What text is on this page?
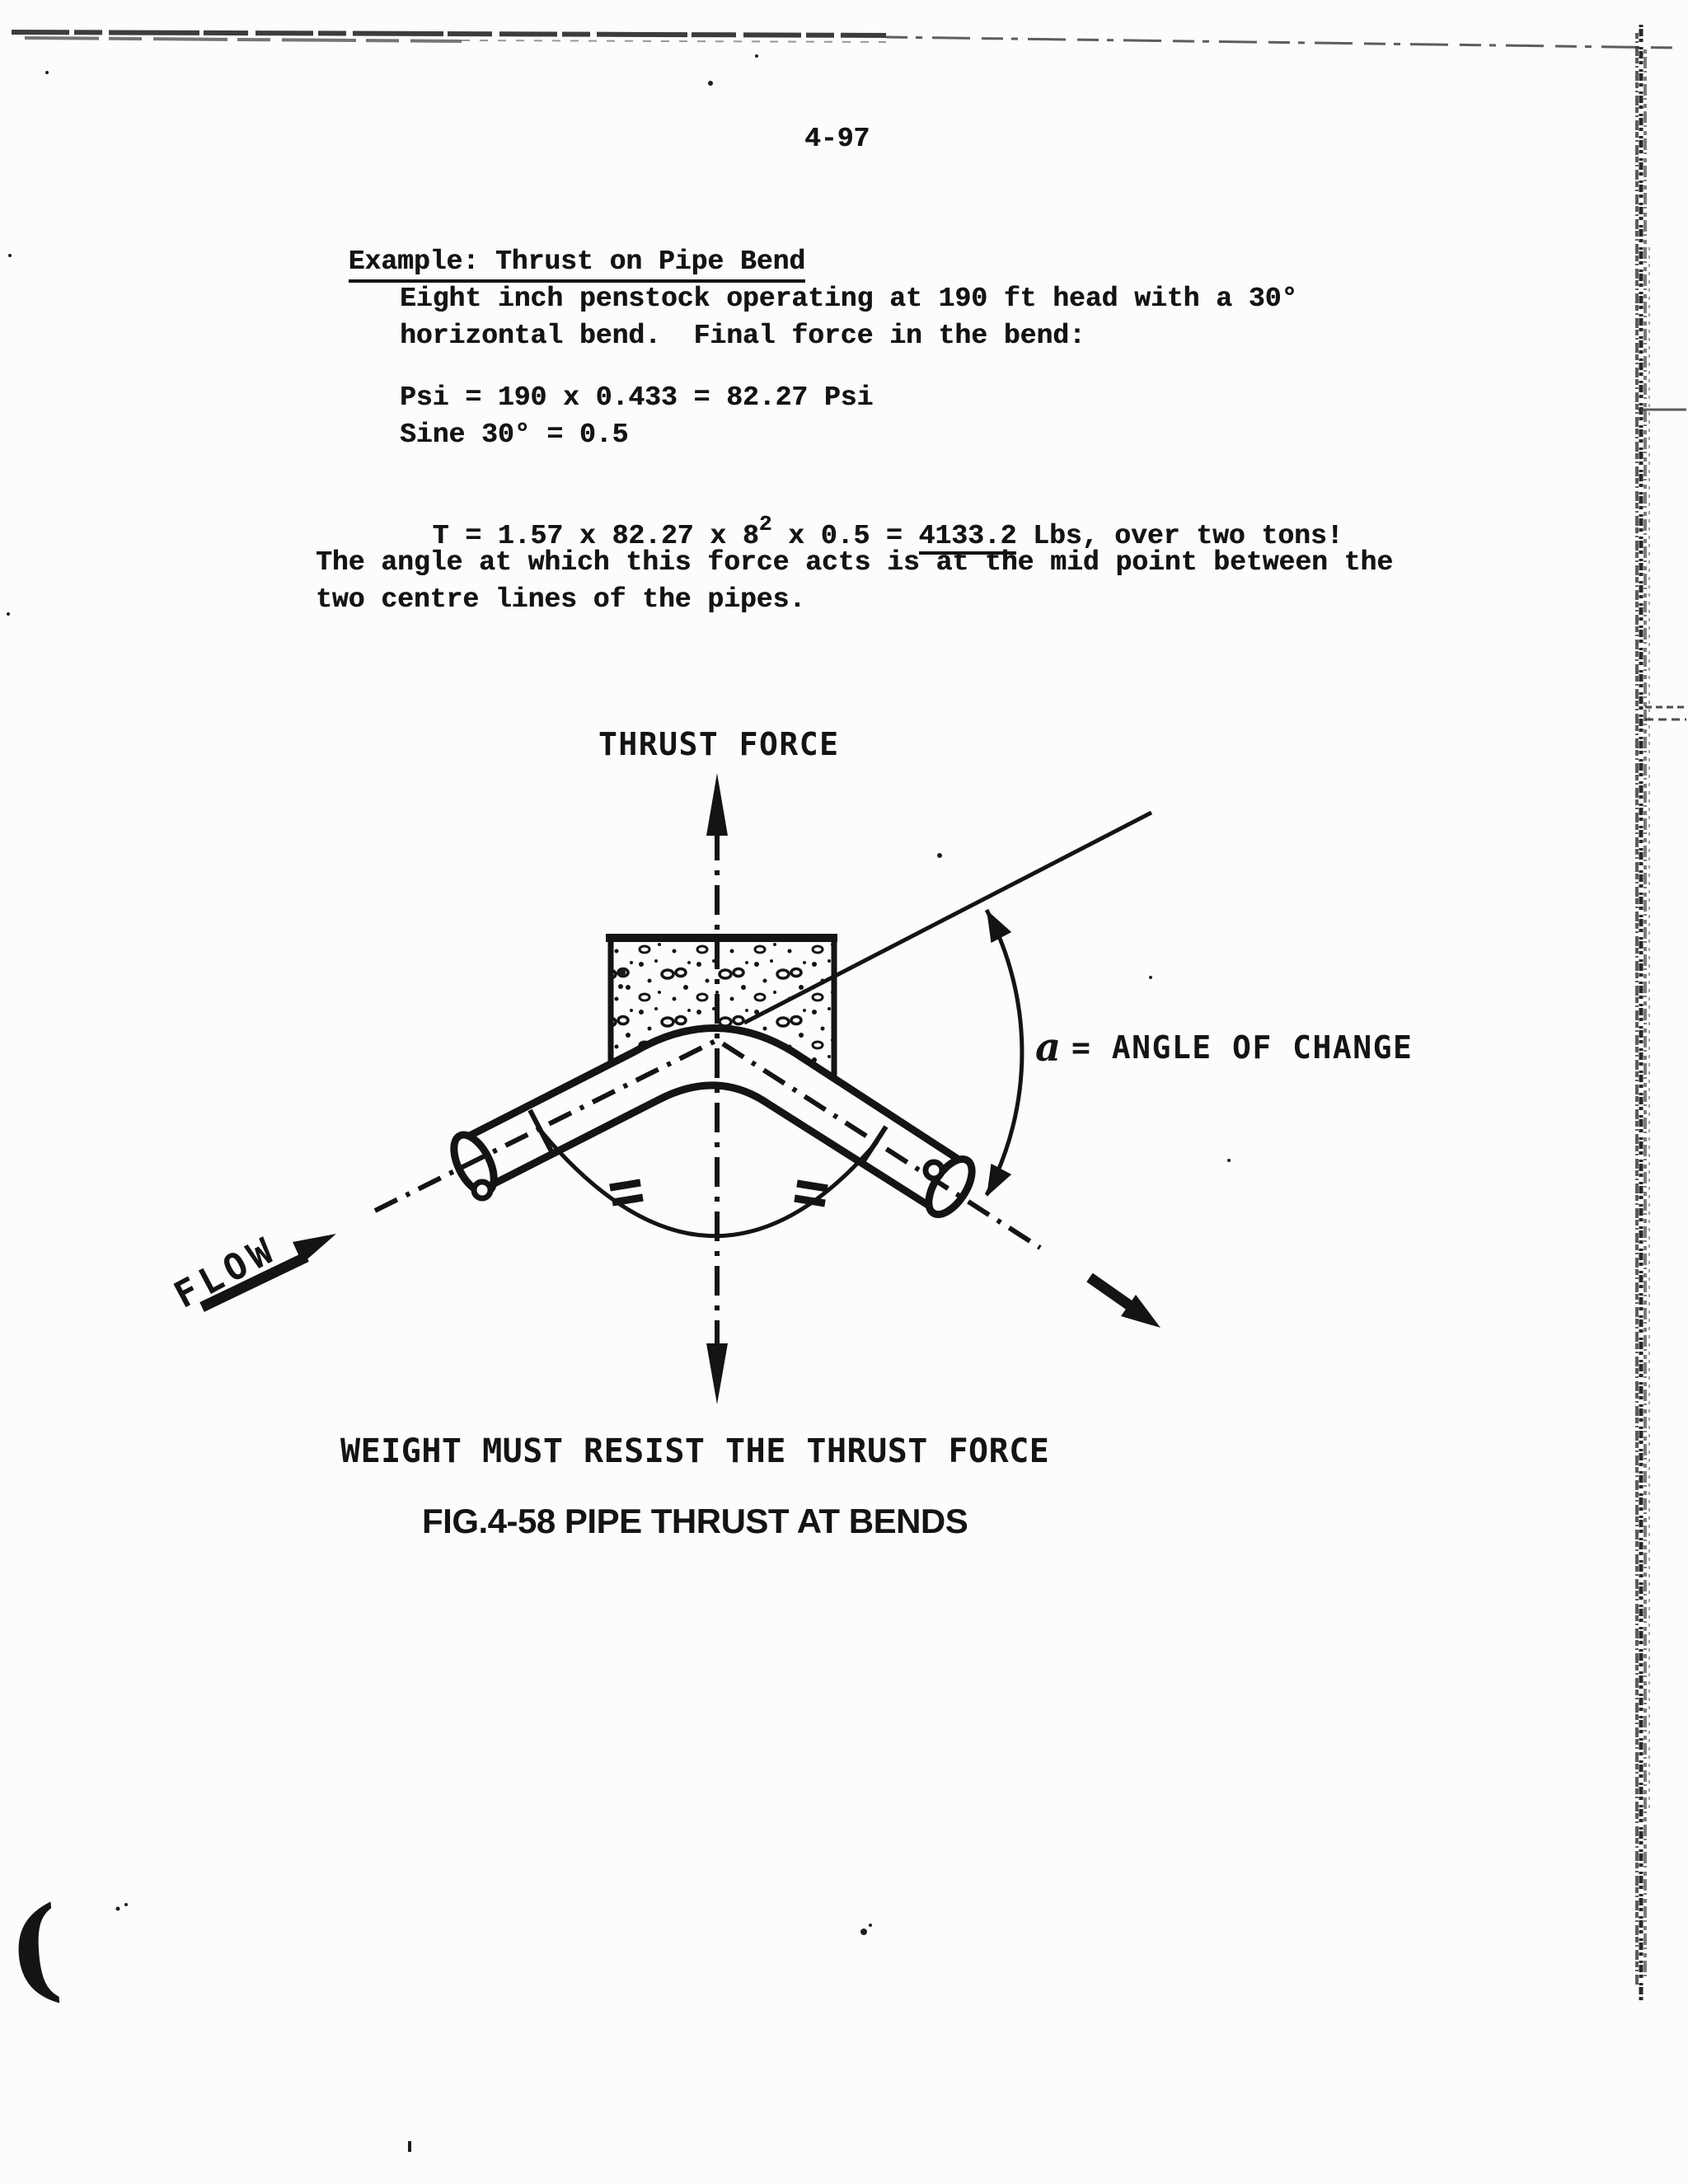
THRUST FORCE
a = ANGLE OF CHANGE
FLOW
(
4-97

Example: Thrust on Pipe Bend

Eight inch penstock operating at 190 ft head with a 30°
horizontal bend.  Final force in the bend:
Psi = 190 x 0.433 = 82.27 Psi
Sine 30° = 0.5

T = 1.57 x 82.27 x $8^2$ x 0.5 = 4133.2 Lbs, over two tons!

The angle at which this force acts is at the mid point between the
two centre lines of the pipes.
WEIGHT MUST RESIST THE THRUST FORCE
FIG.4-58 PIPE THRUST AT BENDS
